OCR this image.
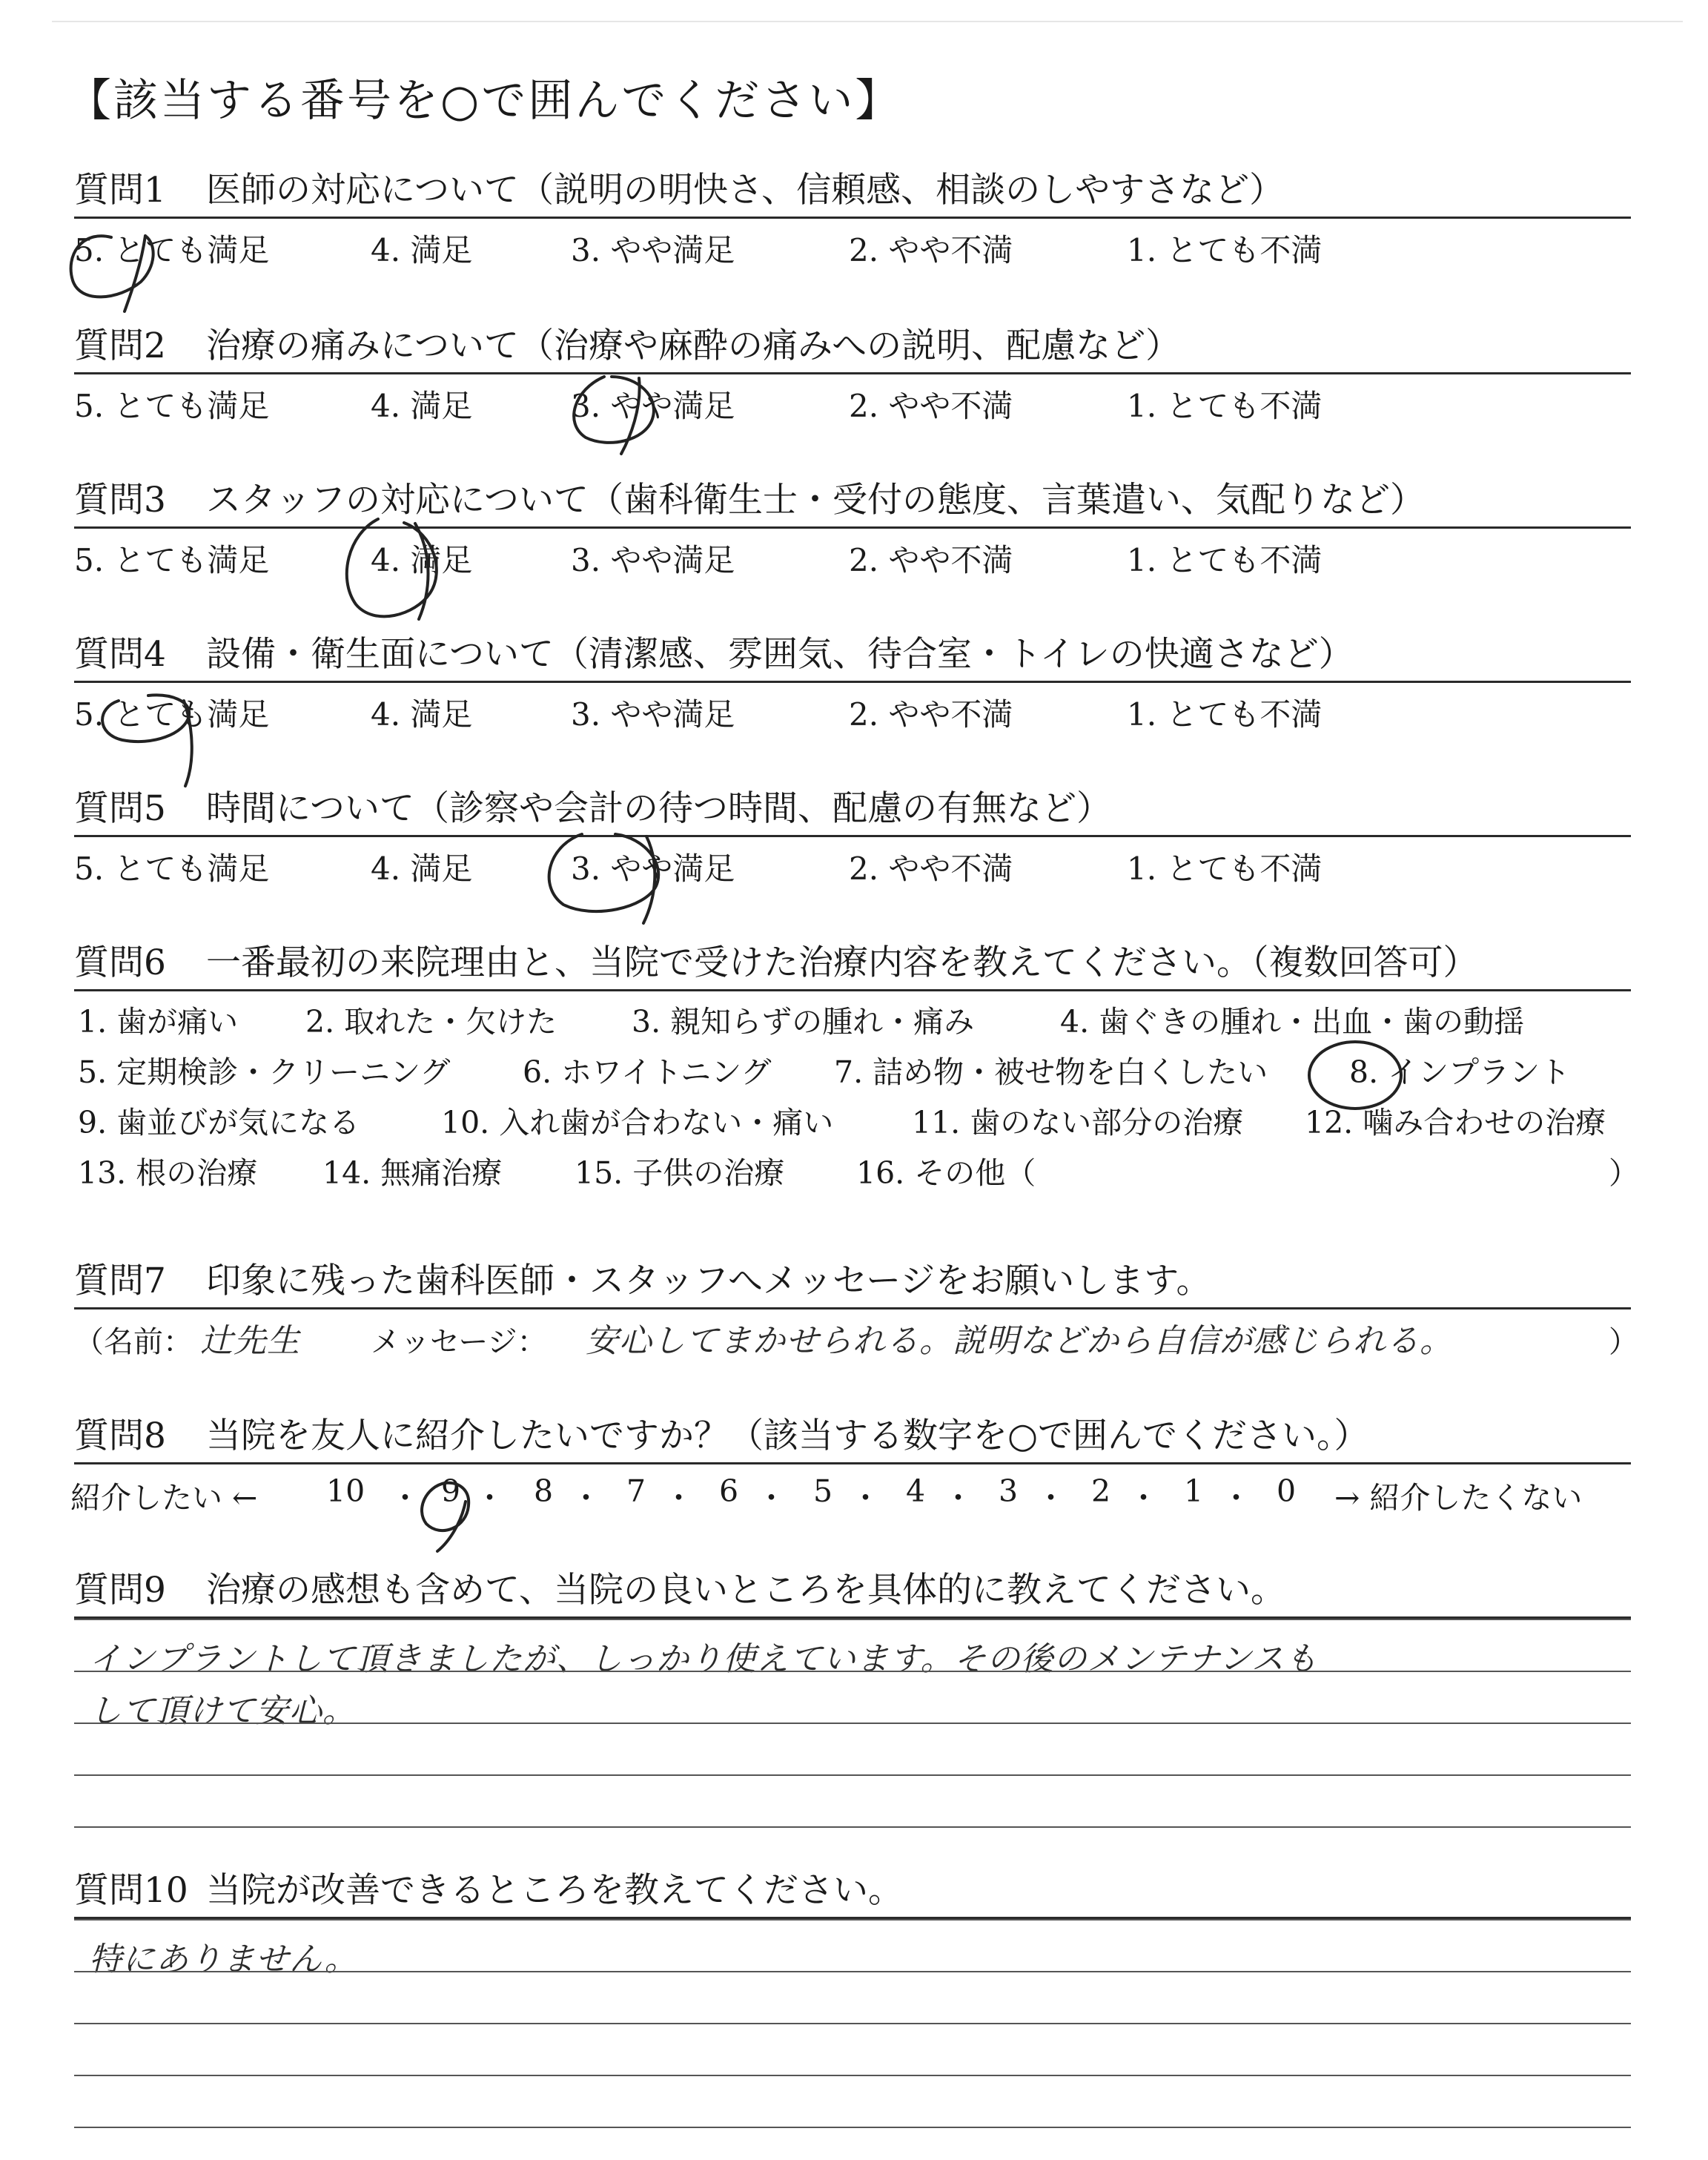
【該当する番号を○で囲んでください】
質問1 医師の対応について（説明の明快さ、信頼感、相談のしやすさなど）
5. とても満足	4. 満足	3. やや満足	2. やや不満	1. とても不満
質問2 治療の痛みについて（治療や麻酔の痛みへの説明、配慮など）
5. とても満足	4. 満足	3. やや満足	2. やや不満	1. とても不満
質問3 スタッフの対応について（歯科衛生士・受付の態度、言葉遣い、気配りなど）
5. とても満足	4. 満足	3. やや満足	2. やや不満	1. とても不満
質問4 設備・衛生面について（清潔感、雰囲気、待合室・トイレの快適さなど）
5. とても満足	4. 満足	3. やや満足	2. やや不満	1. とても不満
質問5 時間について（診察や会計の待つ時間、配慮の有無など）
5. とても満足	4. 満足	3. やや満足	2. やや不満	1. とても不満
質問6 一番最初の来院理由と、当院で受けた治療内容を教えてください。（複数回答可）
1. 歯が痛い 2. 取れた・欠けた 3. 親知らずの腫れ・痛み	4. 歯ぐきの腫れ・出血・歯の動揺
5. 定期検診・クリーニング 6. ホワイトニング 7. 詰め物・被せ物を白くしたい	8. インプラント
9. 歯並びが気になる	10. 入れ歯が合わない・痛い	11. 歯のない部分の治療 12. 噛み合わせの治療
13. 根の治療 14. 無痛治療 15. 子供の治療 16. その他（	）
質問7 印象に残った歯科医師・スタッフへメッセージをお願いします。
（名前： 辻先生 メッセージ： 安心してまかせられる。説明などから自信が感じられる。	）
質問8 当院を友人に紹介したいですか？（該当する数字を○で囲んでください。）
紹介したい ← 10 ・ 9 ・ 8 ・ 7 ・ 6 ・ 5 ・ 4 ・ 3 ・ 2 ・ 1 ・ 0 → 紹介したくない
質問9 治療の感想も含めて、当院の良いところを具体的に教えてください。
インプラントして頂きましたが、しっかり使えています。その後のメンテナンスも
して頂けて安心。
質問10 当院が改善できるところを教えてください。
特にありません。
